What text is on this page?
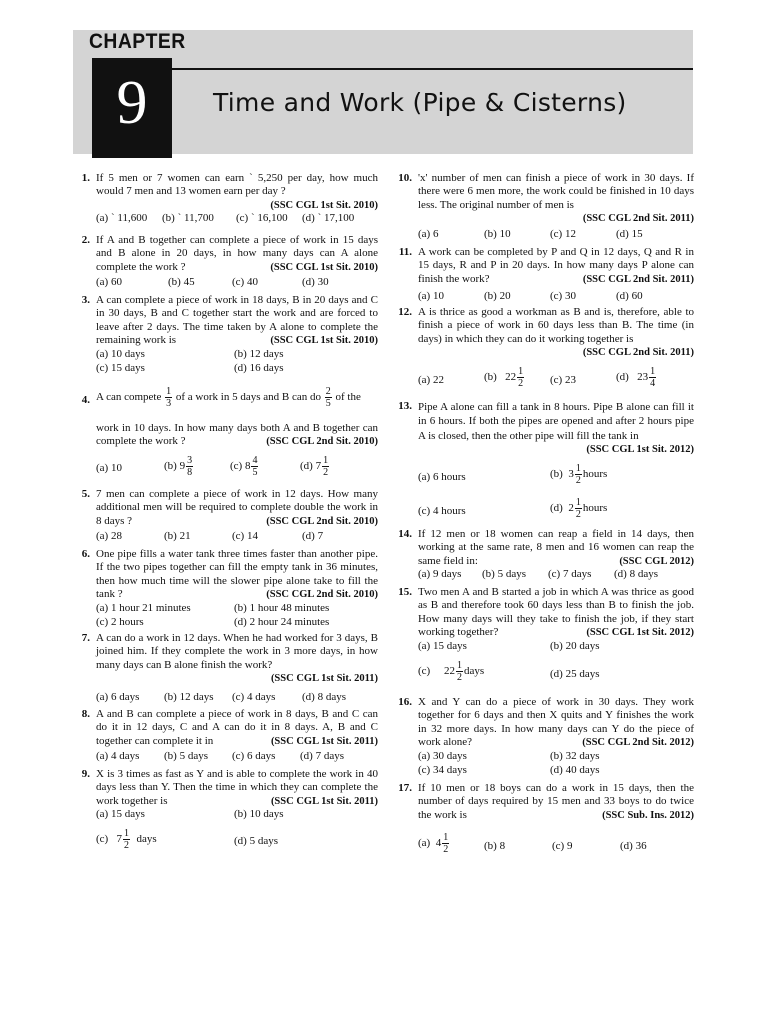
CHAPTER
9	Time and Work (Pipe & Cisterns)
1. If 5 men or 7 women can earn ` 5,250 per day, how much would 7 men and 13 women earn per day ?
(SSC CGL 1st Sit. 2010)
(a) ` 11,600 (b) ` 11,700 (c) ` 16,100 (d) ` 17,100
2. If A and B together can complete a piece of work in 15 days and B alone in 20 days, in how many days can A alone complete the work ?	(SSC CGL 1st Sit. 2010)
(a) 60	(b) 45	(c) 40	(d) 30
3. A can complete a piece of work in 18 days, B in 20 days and C in 30 days, B and C together start the work and are forced to leave after 2 days. The time taken by A alone to complete the remaining work is	(SSC CGL 1st Sit. 2010)
(a) 10 days	(b) 12 days
(c) 15 days	(d) 16 days
4. A can compete $\frac{1}{3}$ of a work in 5 days and B can do $\frac{2}{5}$ of the
work in 10 days. In how many days both A and B together can complete the work ?	(SSC CGL 2nd Sit. 2010)
(a) 10	(b) $9 \frac{3}{8}$	(c) $8 \frac{4}{5}$	(d) $7 \frac{1}{2}$
5. 7 men can complete a piece of work in 12 days. How many additional men will be required to complete double the work in 8 days ?	(SSC CGL 2nd Sit. 2010)
(a) 28	(b) 21	(c) 14	(d) 7
6. One pipe fills a water tank three times faster than another pipe. If the two pipes together can fill the empty tank in 36 minutes, then how much time will the slower pipe alone take to fill the tank ?	(SSC CGL 2nd Sit. 2010)
(a) 1 hour 21 minutes	(b) 1 hour 48 minutes
(c) 2 hours	(d) 2 hour 24 minutes
7. A can do a work in 12 days. When he had worked for 3 days, B joined him. If they complete the work in 3 more days, in how many days can B alone finish the work?
(SSC CGL 1st Sit. 2011)
(a) 6 days (b) 12 days (c) 4 days (d) 8 days
8. A and B can complete a piece of work in 8 days, B and C can do it in 12 days, C and A can do it in 8 days. A, B and C together can complete it in	(SSC CGL 1st Sit. 2011)
(a) 4 days (b) 5 days (c) 6 days (d) 7 days
9. X is 3 times as fast as Y and is able to complete the work in 40 days less than Y. Then the time in which they can complete the work together is	(SSC CGL 1st Sit. 2011)
(a) 15 days	(b) 10 days
(c) $7 \frac{1}{2}$ days	(d) 5 days
10. 'x' number of men can finish a piece of work in 30 days. If there were 6 men more, the work could be finished in 10 days less. The original number of men is
(SSC CGL 2nd Sit. 2011)
(a) 6	(b) 10	(c) 12	(d) 15
11. A work can be completed by P and Q in 12 days, Q and R in 15 days, R and P in 20 days. In how many days P alone can finish the work?	(SSC CGL 2nd Sit. 2011)
(a) 10	(b) 20	(c) 30	(d) 60
12. A is thrice as good a workman as B and is, therefore, able to finish a piece of work in 60 days less than B. The time (in days) in which they can do it working together is
(SSC CGL 2nd Sit. 2011)
(a) 22	(b) $22 \frac{1}{2} (c)$ 23	(d) $23 \frac{1}{4}$
13. Pipe A alone can fill a tank in 8 hours. Pipe B alone can fill it in 6 hours. If both the pipes are opened and after 2 hours pipe A is closed, then the other pipe will fill the tank in
(SSC CGL 1st Sit. 2012)
(a) 6 hours	(b) $3 \frac{1}{2}$ hours
(c) 4 hours	(d) $2 \frac{1}{2}$ hours
14. If 12 men or 18 women can reap a field in 14 days, then working at the same rate, 8 men and 16 women can reap the same field in:	(SSC CGL 2012)
(a) 9 days (b) 5 days (c) 7 days (d) 8 days
15. Two men A and B started a job in which A was thrice as good as B and therefore took 60 days less than B to finish the job. How many days will they take to finish the job, if they start working together?	(SSC CGL 1st Sit. 2012)
(a) 15 days	(b) 20 days
(c) $22 \frac{1}{2}$ days	(d) 25 days
16. X and Y can do a piece of work in 30 days. They work together for 6 days and then X quits and Y finishes the work in 32 more days. In how many days can Y do the piece of work alone?	(SSC CGL 2nd Sit. 2012)
(a) 30 days	(b) 32 days
(c) 34 days	(d) 40 days
17. If 10 men or 18 boys can do a work in 15 days, then the number of days required by 15 men and 33 boys to do twice the work is	(SSC Sub. Ins. 2012)
(a) $4 \frac{1}{2}$	(b) 8	(c) 9	(d) 36
